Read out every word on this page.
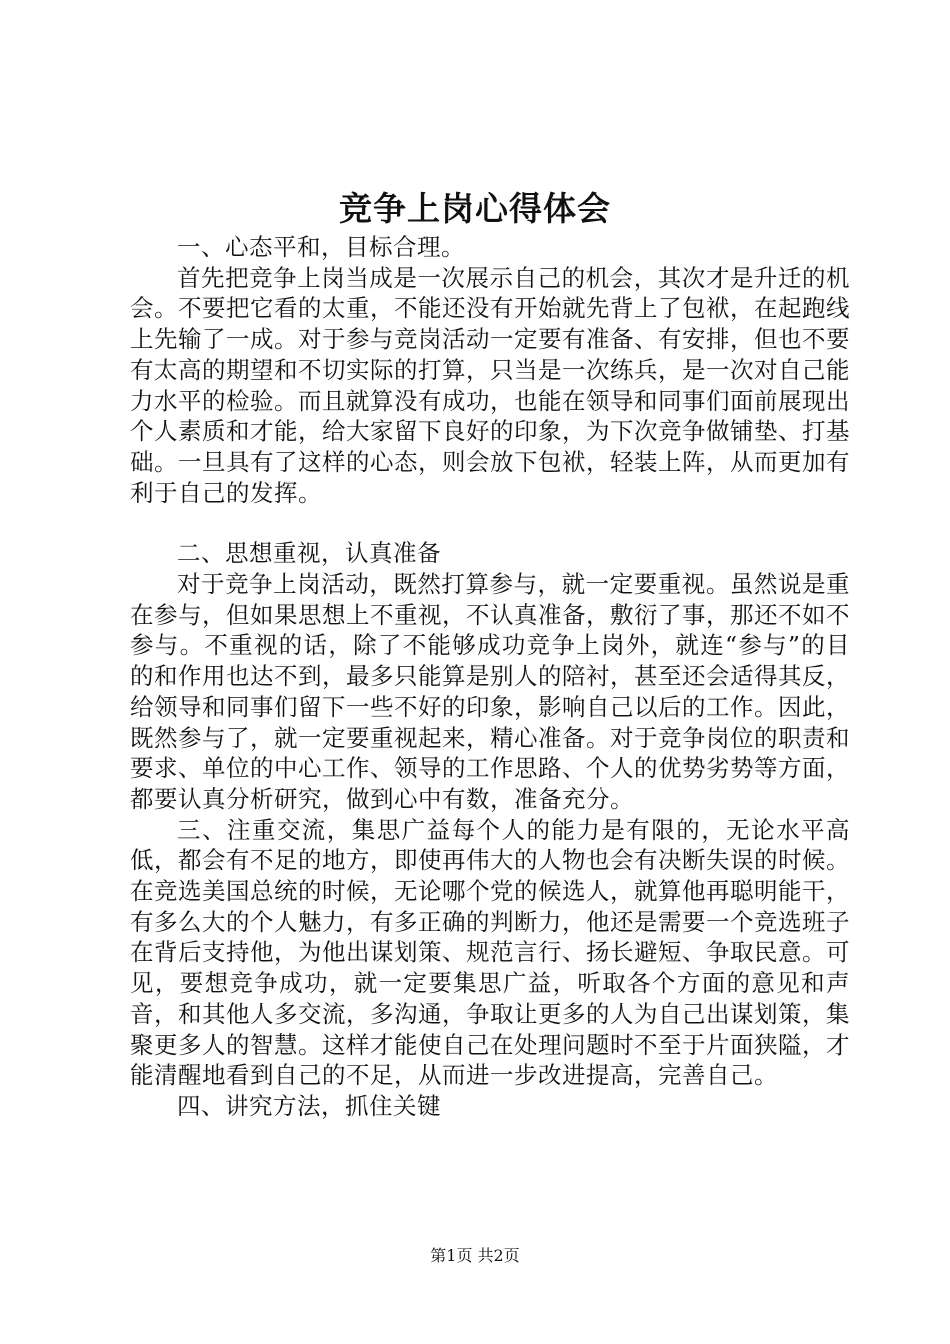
竞争上岗心得体会

一、心态平和，目标合理。

首先把竞争上岗当成是一次展示自己的机会，其次才是升迁的机会。不要把它看的太重，不能还没有开始就先背上了包袱，在起跑线上先输了一成。对于参与竞岗活动一定要有准备、有安排，但也不要有太高的期望和不切实际的打算，只当是一次练兵，是一次对自己能力水平的检验。而且就算没有成功，也能在领导和同事们面前展现出个人素质和才能，给大家留下良好的印象，为下次竞争做铺垫、打基础。一旦具有了这样的心态，则会放下包袱，轻装上阵，从而更加有利于自己的发挥。

二、思想重视，认真准备

对于竞争上岗活动，既然打算参与，就一定要重视。虽然说是重在参与，但如果思想上不重视，不认真准备，敷衍了事，那还不如不参与。不重视的话，除了不能够成功竞争上岗外，就连“参与”的目的和作用也达不到，最多只能算是别人的陪衬，甚至还会适得其反，给领导和同事们留下一些不好的印象，影响自己以后的工作。因此，既然参与了，就一定要重视起来，精心准备。对于竞争岗位的职责和要求、单位的中心工作、领导的工作思路、个人的优势劣势等方面，都要认真分析研究，做到心中有数，准备充分。

三、注重交流，集思广益每个人的能力是有限的，无论水平高低，都会有不足的地方，即使再伟大的人物也会有决断失误的时候。在竞选美国总统的时候，无论哪个党的候选人，就算他再聪明能干，有多么大的个人魅力，有多正确的判断力，他还是需要一个竞选班子在背后支持他，为他出谋划策、规范言行、扬长避短、争取民意。可见，要想竞争成功，就一定要集思广益，听取各个方面的意见和声音，和其他人多交流，多沟通，争取让更多的人为自己出谋划策，集聚更多人的智慧。这样才能使自己在处理问题时不至于片面狭隘，才能清醒地看到自己的不足，从而进一步改进提高，完善自己。

四、讲究方法，抓住关键

第1页 共2页
